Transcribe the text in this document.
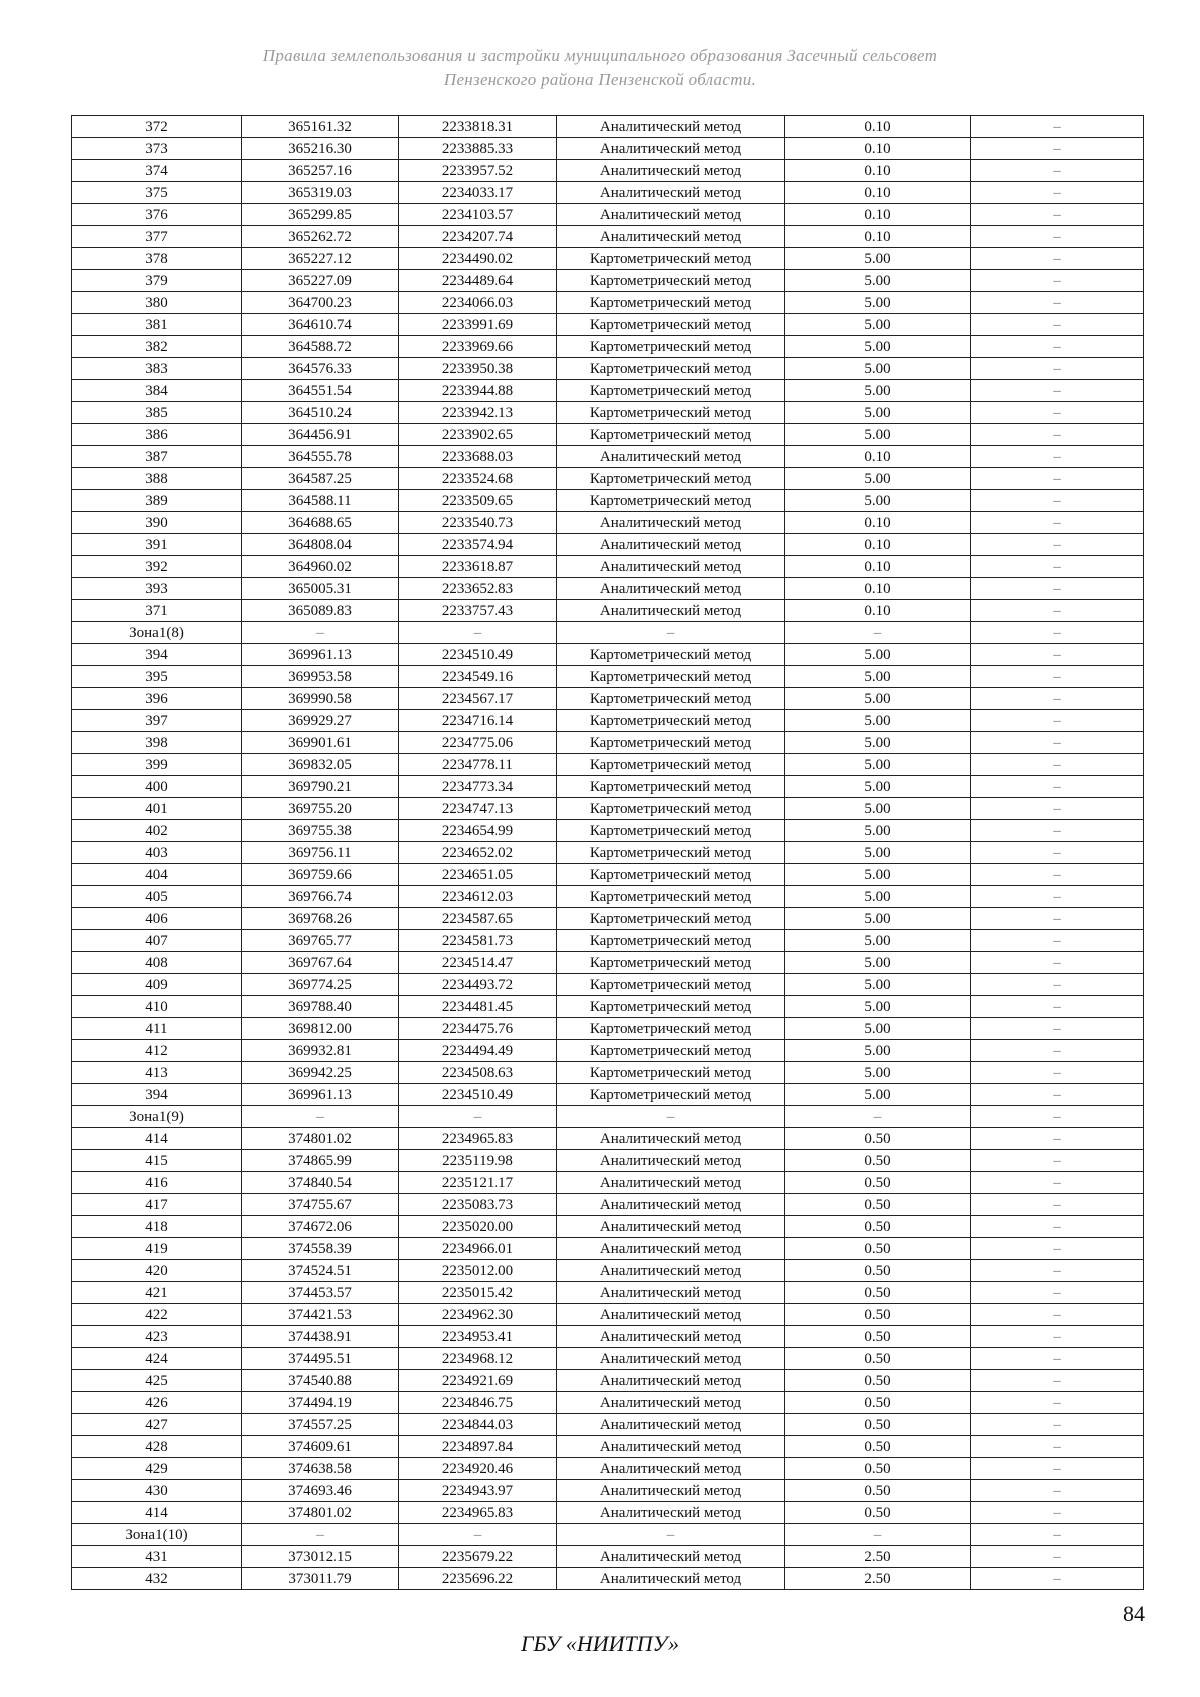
Правила землепользования и застройки муниципального образования Засечный сельсовет
Пензенского района Пензенской области.
372	365161.32	2233818.31	Аналитический метод	0.10	–
373	365216.30	2233885.33	Аналитический метод	0.10	–
374	365257.16	2233957.52	Аналитический метод	0.10	–
375	365319.03	2234033.17	Аналитический метод	0.10	–
376	365299.85	2234103.57	Аналитический метод	0.10	–
377	365262.72	2234207.74	Аналитический метод	0.10	–
378	365227.12	2234490.02	Картометрический метод	5.00	–
379	365227.09	2234489.64	Картометрический метод	5.00	–
380	364700.23	2234066.03	Картометрический метод	5.00	–
381	364610.74	2233991.69	Картометрический метод	5.00	–
382	364588.72	2233969.66	Картометрический метод	5.00	–
383	364576.33	2233950.38	Картометрический метод	5.00	–
384	364551.54	2233944.88	Картометрический метод	5.00	–
385	364510.24	2233942.13	Картометрический метод	5.00	–
386	364456.91	2233902.65	Картометрический метод	5.00	–
387	364555.78	2233688.03	Аналитический метод	0.10	–
388	364587.25	2233524.68	Картометрический метод	5.00	–
389	364588.11	2233509.65	Картометрический метод	5.00	–
390	364688.65	2233540.73	Аналитический метод	0.10	–
391	364808.04	2233574.94	Аналитический метод	0.10	–
392	364960.02	2233618.87	Аналитический метод	0.10	–
393	365005.31	2233652.83	Аналитический метод	0.10	–
371	365089.83	2233757.43	Аналитический метод	0.10	–
Зона1(8)	–	–	–	–	–
394	369961.13	2234510.49	Картометрический метод	5.00	–
395	369953.58	2234549.16	Картометрический метод	5.00	–
396	369990.58	2234567.17	Картометрический метод	5.00	–
397	369929.27	2234716.14	Картометрический метод	5.00	–
398	369901.61	2234775.06	Картометрический метод	5.00	–
399	369832.05	2234778.11	Картометрический метод	5.00	–
400	369790.21	2234773.34	Картометрический метод	5.00	–
401	369755.20	2234747.13	Картометрический метод	5.00	–
402	369755.38	2234654.99	Картометрический метод	5.00	–
403	369756.11	2234652.02	Картометрический метод	5.00	–
404	369759.66	2234651.05	Картометрический метод	5.00	–
405	369766.74	2234612.03	Картометрический метод	5.00	–
406	369768.26	2234587.65	Картометрический метод	5.00	–
407	369765.77	2234581.73	Картометрический метод	5.00	–
408	369767.64	2234514.47	Картометрический метод	5.00	–
409	369774.25	2234493.72	Картометрический метод	5.00	–
410	369788.40	2234481.45	Картометрический метод	5.00	–
411	369812.00	2234475.76	Картометрический метод	5.00	–
412	369932.81	2234494.49	Картометрический метод	5.00	–
413	369942.25	2234508.63	Картометрический метод	5.00	–
394	369961.13	2234510.49	Картометрический метод	5.00	–
Зона1(9)	–	–	–	–	–
414	374801.02	2234965.83	Аналитический метод	0.50	–
415	374865.99	2235119.98	Аналитический метод	0.50	–
416	374840.54	2235121.17	Аналитический метод	0.50	–
417	374755.67	2235083.73	Аналитический метод	0.50	–
418	374672.06	2235020.00	Аналитический метод	0.50	–
419	374558.39	2234966.01	Аналитический метод	0.50	–
420	374524.51	2235012.00	Аналитический метод	0.50	–
421	374453.57	2235015.42	Аналитический метод	0.50	–
422	374421.53	2234962.30	Аналитический метод	0.50	–
423	374438.91	2234953.41	Аналитический метод	0.50	–
424	374495.51	2234968.12	Аналитический метод	0.50	–
425	374540.88	2234921.69	Аналитический метод	0.50	–
426	374494.19	2234846.75	Аналитический метод	0.50	–
427	374557.25	2234844.03	Аналитический метод	0.50	–
428	374609.61	2234897.84	Аналитический метод	0.50	–
429	374638.58	2234920.46	Аналитический метод	0.50	–
430	374693.46	2234943.97	Аналитический метод	0.50	–
414	374801.02	2234965.83	Аналитический метод	0.50	–
Зона1(10)	–	–	–	–	–
431	373012.15	2235679.22	Аналитический метод	2.50	–
432	373011.79	2235696.22	Аналитический метод	2.50	–
84
ГБУ «НИИТПУ»
